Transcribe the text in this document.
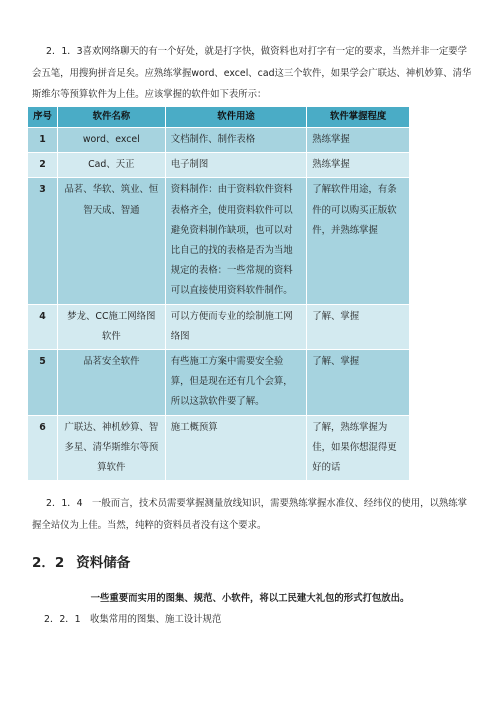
2．1．3喜欢网络聊天的有一个好处，就是打字快，做资料也对打字有一定的要求，当然并非一定要学会五笔，用搜狗拼音足矣。应熟练掌握word、excel、cad这三个软件，如果学会广联达、神机妙算、清华斯维尔等预算软件为上佳。应该掌握的软件如下表所示：

序号	软件名称	软件用途	软件掌握程度
1	word、excel	文档制作、制作表格	熟练掌握
2	Cad、天正	电子制图	熟练掌握
3	品茗、华软、筑业、恒智天成、智通	资料制作：由于资料软件资料表格齐全，使用资料软件可以避免资料制作缺项，也可以对比自己的找的表格是否为当地规定的表格：一些常规的资料可以直接使用资料软件制作。	了解软件用途，有条件的可以购买正版软件，并熟练掌握
4	梦龙、CC施工网络图软件	可以方便而专业的绘制施工网络图	了解、掌握
5	品茗安全软件	有些施工方案中需要安全验算，但是现在还有几个会算，所以这款软件要了解。	了解、掌握
6	广联达、神机妙算、智多星、清华斯维尔等预算软件	施工概预算	了解，熟练掌握为佳，如果你想混得更好的话

2．1．4　一般而言，技术员需要掌握测量放线知识，需要熟练掌握水准仪、经纬仪的使用，以熟练掌握全站仪为上佳。当然，纯粹的资料员者没有这个要求。

2．2 资料储备

一些重要而实用的图集、规范、小软件，将以工民建大礼包的形式打包放出。

2．2．1　收集常用的图集、施工设计规范
